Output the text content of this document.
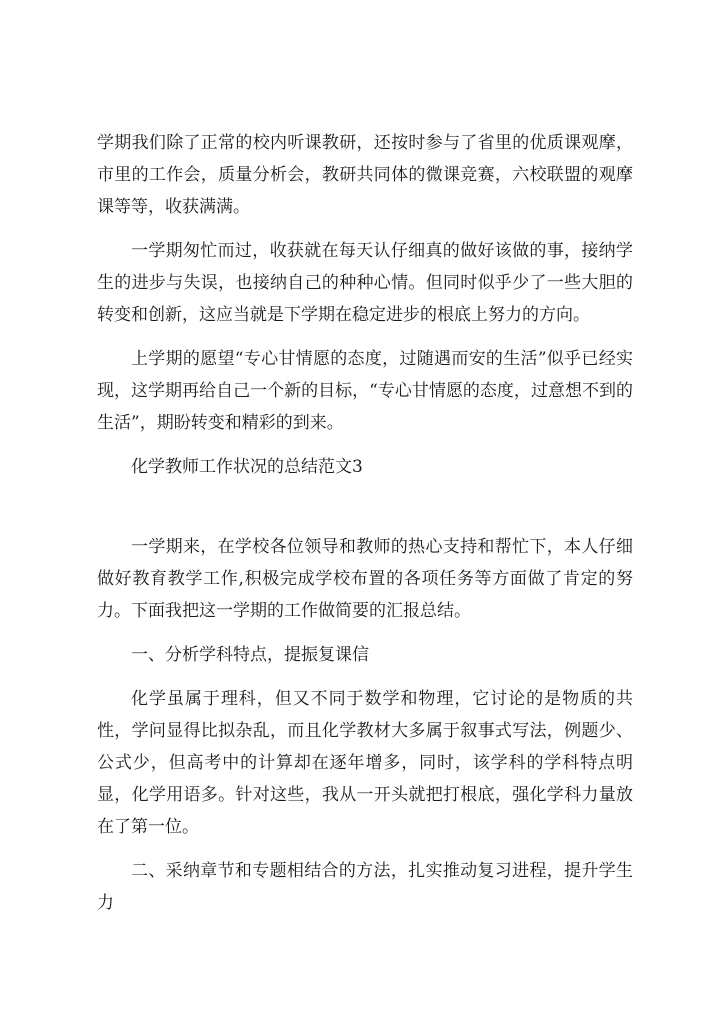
学期我们除了正常的校内听课教研，还按时参与了省里的优质课观摩，市里的工作会，质量分析会，教研共同体的微课竞赛，六校联盟的观摩课等等，收获满满。

一学期匆忙而过，收获就在每天认仔细真的做好该做的事，接纳学生的进步与失误，也接纳自己的种种心情。但同时似乎少了一些大胆的转变和创新，这应当就是下学期在稳定进步的根底上努力的方向。

上学期的愿望“专心甘情愿的态度，过随遇而安的生活”似乎已经实现，这学期再给自己一个新的目标，“专心甘情愿的态度，过意想不到的生活”，期盼转变和精彩的到来。

化学教师工作状况的总结范文3

一学期来，在学校各位领导和教师的热心支持和帮忙下，本人仔细做好教育教学工作,积极完成学校布置的各项任务等方面做了肯定的努力。下面我把这一学期的工作做简要的汇报总结。

一、分析学科特点，提振复课信

化学虽属于理科，但又不同于数学和物理，它讨论的是物质的共性，学问显得比拟杂乱，而且化学教材大多属于叙事式写法，例题少、公式少，但高考中的计算却在逐年增多，同时，该学科的学科特点明显，化学用语多。针对这些，我从一开头就把打根底，强化学科力量放在了第一位。

二、采纳章节和专题相结合的方法，扎实推动复习进程，提升学生力
